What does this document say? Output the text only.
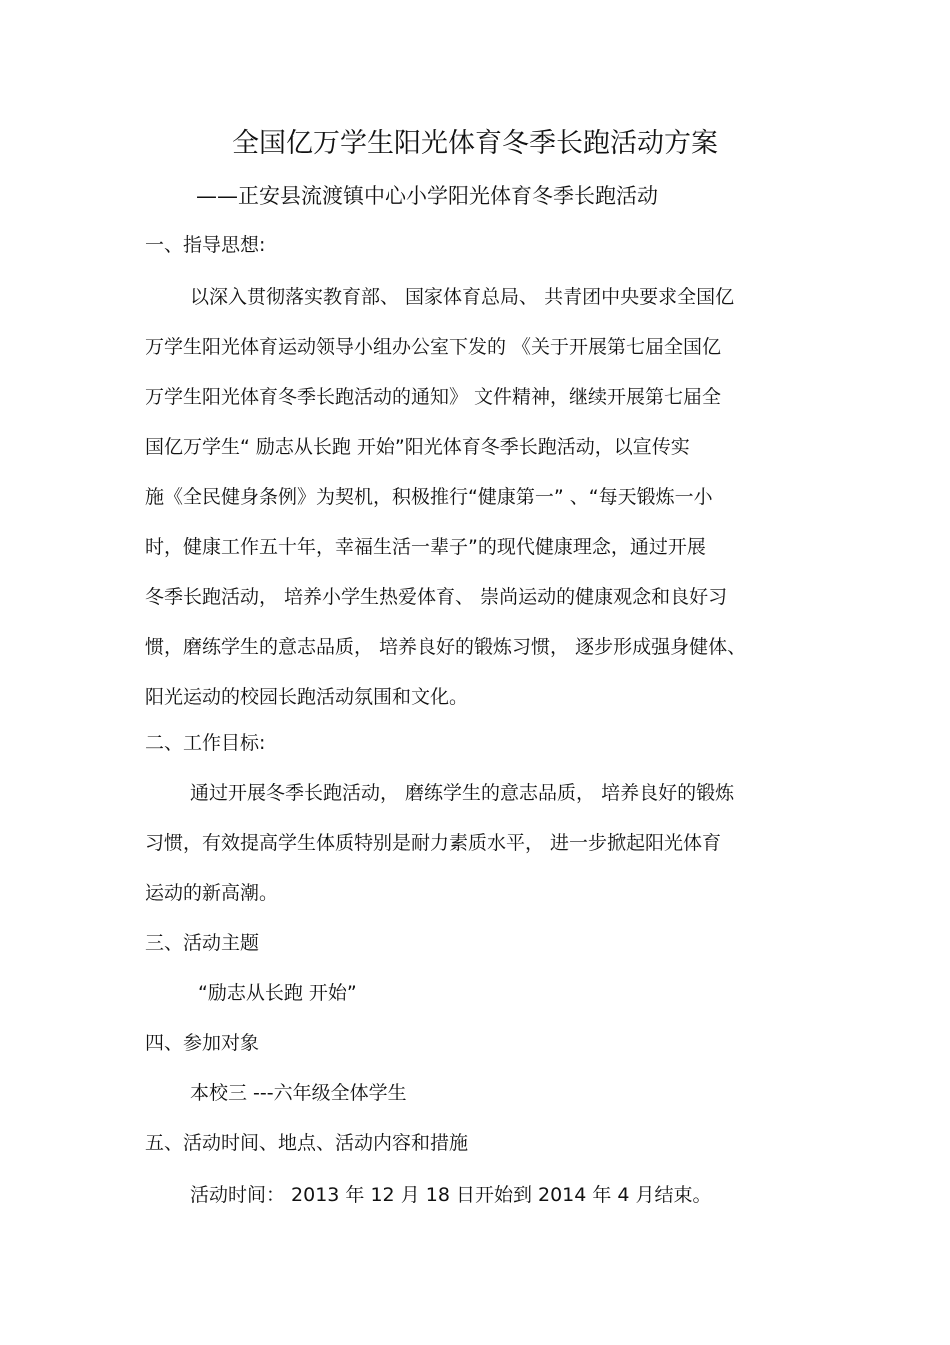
全国亿万学生阳光体育冬季长跑活动方案
——正安县流渡镇中心小学阳光体育冬季长跑活动
一、指导思想:
以深入贯彻落实教育部、 国家体育总局、 共青团中央要求全国亿
万学生阳光体育运动领导小组办公室下发的 《关于开展第七届全国亿
万学生阳光体育冬季长跑活动的通知》 文件精神，继续开展第七届全
国亿万学生“ 励志从长跑 开始”阳光体育冬季长跑活动，以宣传实
施《全民健身条例》为契机，积极推行“健康第一” 、“每天锻炼一小
时，健康工作五十年，幸福生活一辈子”的现代健康理念，通过开展
冬季长跑活动， 培养小学生热爱体育、 崇尚运动的健康观念和良好习
惯，磨练学生的意志品质， 培养良好的锻炼习惯， 逐步形成强身健体、
阳光运动的校园长跑活动氛围和文化。
二、工作目标:
通过开展冬季长跑活动， 磨练学生的意志品质， 培养良好的锻炼
习惯，有效提高学生体质特别是耐力素质水平， 进一步掀起阳光体育
运动的新高潮。
三、活动主题
“励志从长跑 开始”
四、参加对象
本校三 ---六年级全体学生
五、活动时间、地点、活动内容和措施
活动时间： 2013 年 12 月 18 日开始到 2014 年 4 月结束。
